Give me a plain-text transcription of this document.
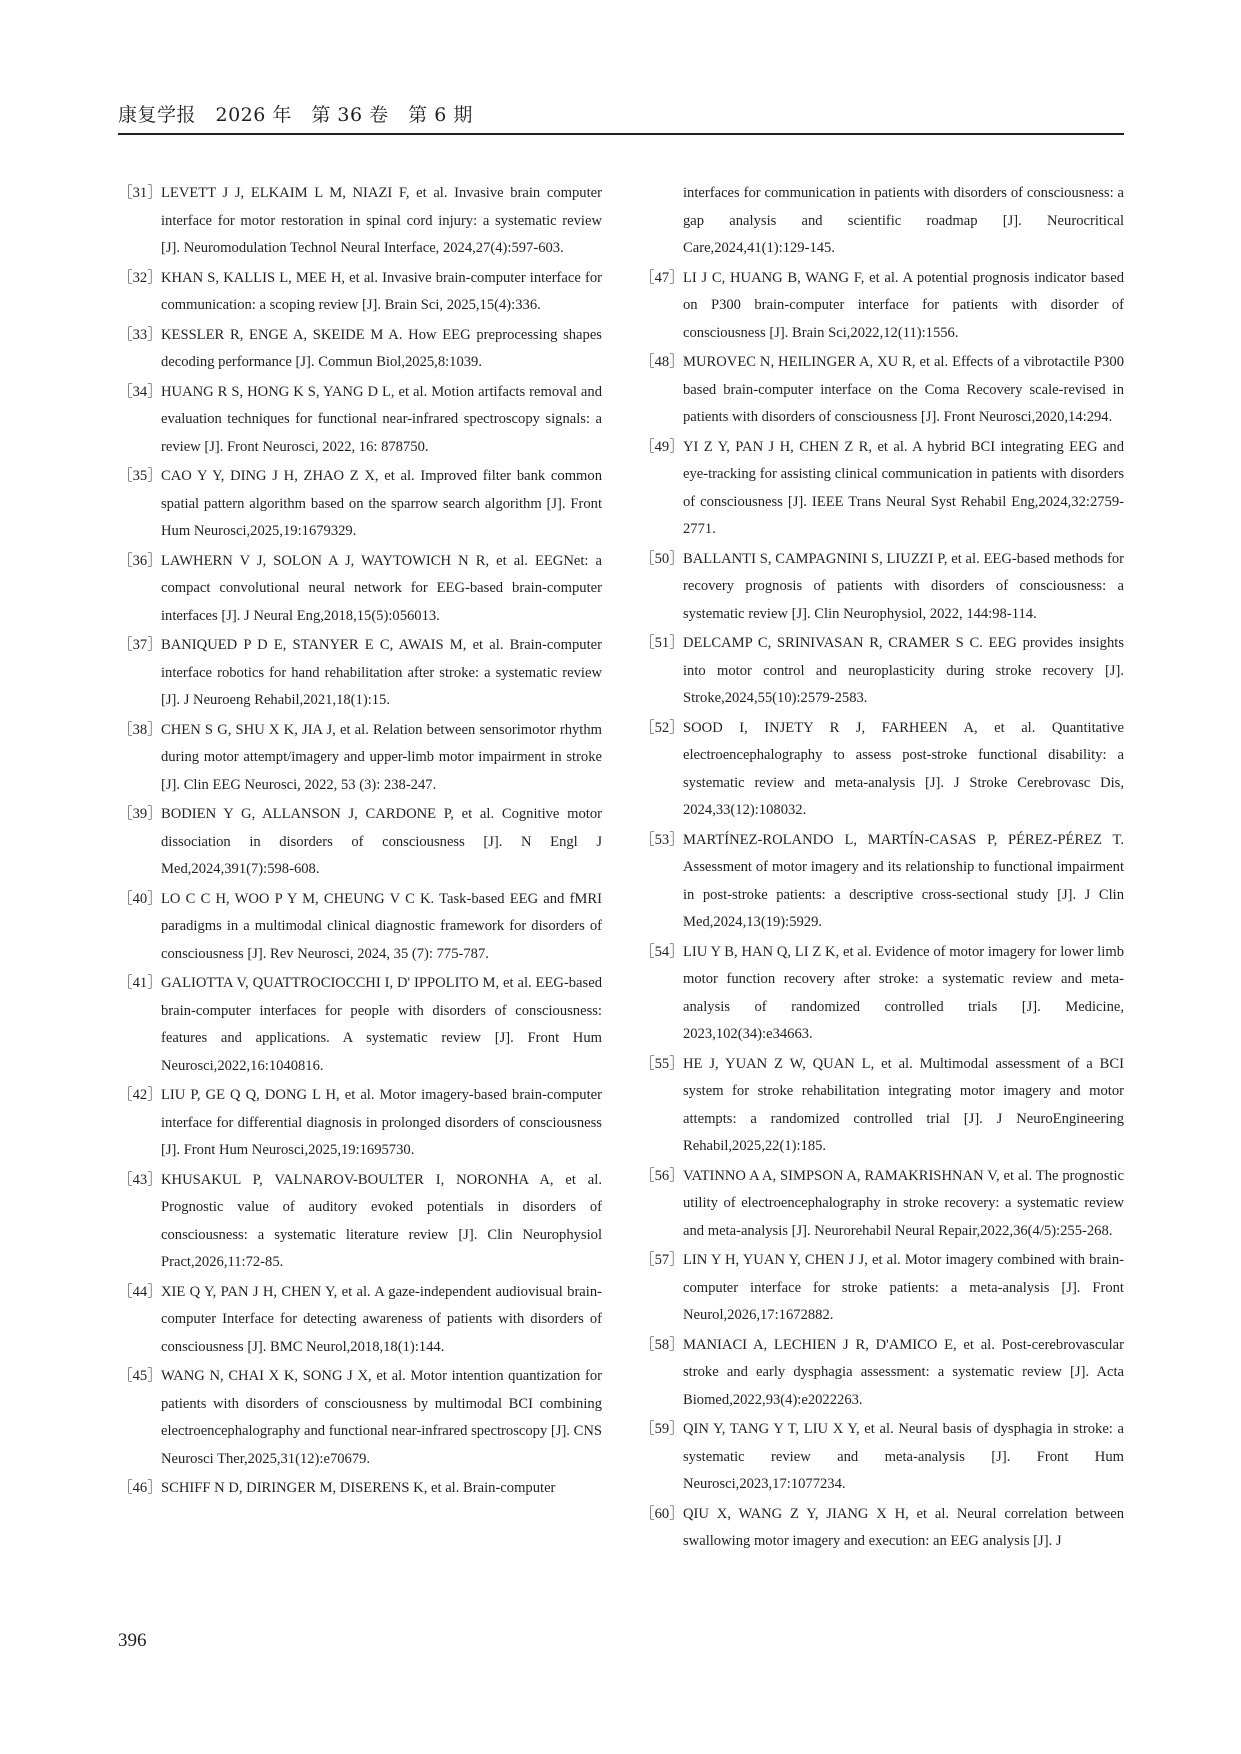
康复学报　2026 年　第 36 卷　第 6 期
［31］ LEVETT J J, ELKAIM L M, NIAZI F, et al. Invasive brain computer interface for motor restoration in spinal cord injury: a systematic review [J]. Neuromodulation Technol Neural Interface, 2024,27(4):597-603.
［32］ KHAN S, KALLIS L, MEE H, et al. Invasive brain-computer interface for communication: a scoping review [J]. Brain Sci, 2025,15(4):336.
［33］ KESSLER R, ENGE A, SKEIDE M A. How EEG preprocessing shapes decoding performance [J]. Commun Biol,2025,8:1039.
［34］ HUANG R S, HONG K S, YANG D L, et al. Motion artifacts removal and evaluation techniques for functional near-infrared spectroscopy signals: a review [J]. Front Neurosci, 2022, 16: 878750.
［35］ CAO Y Y, DING J H, ZHAO Z X, et al. Improved filter bank common spatial pattern algorithm based on the sparrow search algorithm [J]. Front Hum Neurosci,2025,19:1679329.
［36］ LAWHERN V J, SOLON A J, WAYTOWICH N R, et al. EEGNet: a compact convolutional neural network for EEG-based brain-computer interfaces [J]. J Neural Eng,2018,15(5):056013.
［37］ BANIQUED P D E, STANYER E C, AWAIS M, et al. Brain-computer interface robotics for hand rehabilitation after stroke: a systematic review [J]. J Neuroeng Rehabil,2021,18(1):15.
［38］ CHEN S G, SHU X K, JIA J, et al. Relation between sensorimotor rhythm during motor attempt/imagery and upper-limb motor impairment in stroke [J]. Clin EEG Neurosci, 2022, 53 (3): 238-247.
［39］ BODIEN Y G, ALLANSON J, CARDONE P, et al. Cognitive motor dissociation in disorders of consciousness [J]. N Engl J Med,2024,391(7):598-608.
［40］ LO C C H, WOO P Y M, CHEUNG V C K. Task-based EEG and fMRI paradigms in a multimodal clinical diagnostic framework for disorders of consciousness [J]. Rev Neurosci, 2024, 35 (7): 775-787.
［41］ GALIOTTA V, QUATTROCIOCCHI I, D' IPPOLITO M, et al. EEG-based brain-computer interfaces for people with disorders of consciousness: features and applications. A systematic review [J]. Front Hum Neurosci,2022,16:1040816.
［42］ LIU P, GE Q Q, DONG L H, et al. Motor imagery-based brain-computer interface for differential diagnosis in prolonged disorders of consciousness [J]. Front Hum Neurosci,2025,19:1695730.
［43］ KHUSAKUL P, VALNAROV-BOULTER I, NORONHA A, et al. Prognostic value of auditory evoked potentials in disorders of consciousness: a systematic literature review [J]. Clin Neurophysiol Pract,2026,11:72-85.
［44］ XIE Q Y, PAN J H, CHEN Y, et al. A gaze-independent audiovisual brain-computer Interface for detecting awareness of patients with disorders of consciousness [J]. BMC Neurol,2018,18(1):144.
［45］ WANG N, CHAI X K, SONG J X, et al. Motor intention quantization for patients with disorders of consciousness by multimodal BCI combining electroencephalography and functional near-infrared spectroscopy [J]. CNS Neurosci Ther,2025,31(12):e70679.
［46］ SCHIFF N D, DIRINGER M, DISERENS K, et al. Brain-computer
interfaces for communication in patients with disorders of consciousness: a gap analysis and scientific roadmap [J]. Neurocritical Care,2024,41(1):129-145.
［47］ LI J C, HUANG B, WANG F, et al. A potential prognosis indicator based on P300 brain-computer interface for patients with disorder of consciousness [J]. Brain Sci,2022,12(11):1556.
［48］ MUROVEC N, HEILINGER A, XU R, et al. Effects of a vibrotactile P300 based brain-computer interface on the Coma Recovery scale-revised in patients with disorders of consciousness [J]. Front Neurosci,2020,14:294.
［49］ YI Z Y, PAN J H, CHEN Z R, et al. A hybrid BCI integrating EEG and eye-tracking for assisting clinical communication in patients with disorders of consciousness [J]. IEEE Trans Neural Syst Rehabil Eng,2024,32:2759-2771.
［50］ BALLANTI S, CAMPAGNINI S, LIUZZI P, et al. EEG-based methods for recovery prognosis of patients with disorders of consciousness: a systematic review [J]. Clin Neurophysiol, 2022, 144:98-114.
［51］ DELCAMP C, SRINIVASAN R, CRAMER S C. EEG provides insights into motor control and neuroplasticity during stroke recovery [J]. Stroke,2024,55(10):2579-2583.
［52］ SOOD I, INJETY R J, FARHEEN A, et al. Quantitative electroencephalography to assess post-stroke functional disability: a systematic review and meta-analysis [J]. J Stroke Cerebrovasc Dis, 2024,33(12):108032.
［53］ MARTÍNEZ-ROLANDO L, MARTÍN-CASAS P, PÉREZ-PÉREZ T. Assessment of motor imagery and its relationship to functional impairment in post-stroke patients: a descriptive cross-sectional study [J]. J Clin Med,2024,13(19):5929.
［54］ LIU Y B, HAN Q, LI Z K, et al. Evidence of motor imagery for lower limb motor function recovery after stroke: a systematic review and meta-analysis of randomized controlled trials [J]. Medicine, 2023,102(34):e34663.
［55］ HE J, YUAN Z W, QUAN L, et al. Multimodal assessment of a BCI system for stroke rehabilitation integrating motor imagery and motor attempts: a randomized controlled trial [J]. J NeuroEngineering Rehabil,2025,22(1):185.
［56］ VATINNO A A, SIMPSON A, RAMAKRISHNAN V, et al. The prognostic utility of electroencephalography in stroke recovery: a systematic review and meta-analysis [J]. Neurorehabil Neural Repair,2022,36(4/5):255-268.
［57］ LIN Y H, YUAN Y, CHEN J J, et al. Motor imagery combined with brain-computer interface for stroke patients: a meta-analysis [J]. Front Neurol,2026,17:1672882.
［58］ MANIACI A, LECHIEN J R, D'AMICO E, et al. Post-cerebrovascular stroke and early dysphagia assessment: a systematic review [J]. Acta Biomed,2022,93(4):e2022263.
［59］ QIN Y, TANG Y T, LIU X Y, et al. Neural basis of dysphagia in stroke: a systematic review and meta-analysis [J]. Front Hum Neurosci,2023,17:1077234.
［60］ QIU X, WANG Z Y, JIANG X H, et al. Neural correlation between swallowing motor imagery and execution: an EEG analysis [J]. J
396
